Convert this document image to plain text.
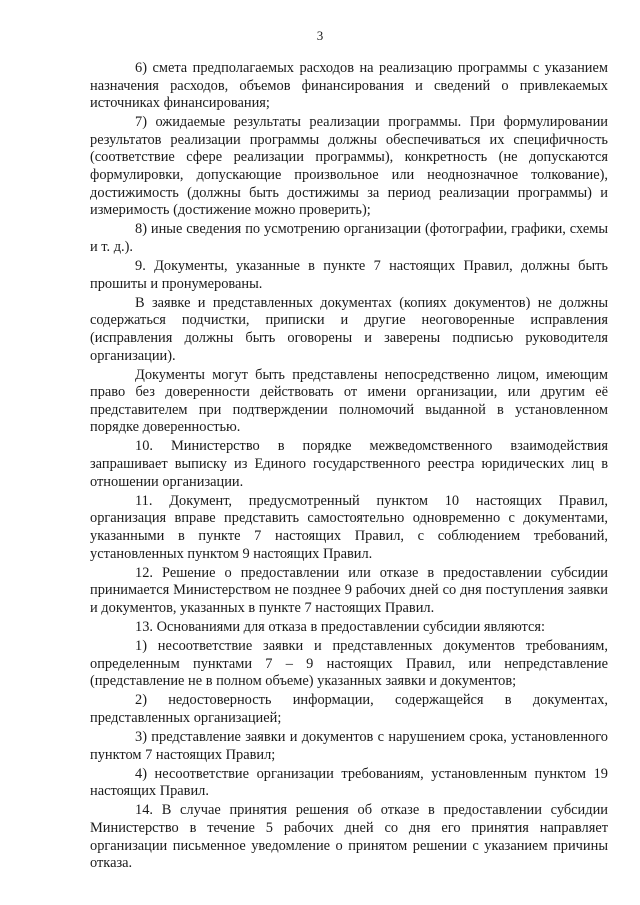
3

6) смета предполагаемых расходов на реализацию программы с указанием назначения расходов, объемов финансирования и сведений о привлекаемых источниках финансирования;

7) ожидаемые результаты реализации программы. При формулировании результатов реализации программы должны обеспечиваться их специфичность (соответствие сфере реализации программы), конкретность (не допускаются формулировки, допускающие произвольное или неоднозначное толкование), достижимость (должны быть достижимы за период реализации программы) и измеримость (достижение можно проверить);

8) иные сведения по усмотрению организации (фотографии, графики, схемы и т. д.).

9. Документы, указанные в пункте 7 настоящих Правил, должны быть прошиты и пронумерованы.

В заявке и представленных документах (копиях документов) не должны содержаться подчистки, приписки и другие неоговоренные исправления (исправления должны быть оговорены и заверены подписью руководителя организации).

Документы могут быть представлены непосредственно лицом, имеющим право без доверенности действовать от имени организации, или другим её представителем при подтверждении полномочий выданной в установленном порядке доверенностью.

10. Министерство в порядке межведомственного взаимодействия запрашивает выписку из Единого государственного реестра юридических лиц в отношении организации.

11. Документ, предусмотренный пунктом 10 настоящих Правил, организация вправе представить самостоятельно одновременно с документами, указанными в пункте 7 настоящих Правил, с соблюдением требований, установленных пунктом 9 настоящих Правил.

12. Решение о предоставлении или отказе в предоставлении субсидии принимается Министерством не позднее 9 рабочих дней со дня поступления заявки и документов, указанных в пункте 7 настоящих Правил.

13. Основаниями для отказа в предоставлении субсидии являются:

1) несоответствие заявки и представленных документов требованиям, определенным пунктами 7 – 9 настоящих Правил, или непредставление (представление не в полном объеме) указанных заявки и документов;

2) недостоверность информации, содержащейся в документах, представленных организацией;

3) представление заявки и документов с нарушением срока, установленного пунктом 7 настоящих Правил;

4) несоответствие организации требованиям, установленным пунктом 19 настоящих Правил.

14. В случае принятия решения об отказе в предоставлении субсидии Министерство в течение 5 рабочих дней со дня его принятия направляет организации письменное уведомление о принятом решении с указанием причины отказа.
